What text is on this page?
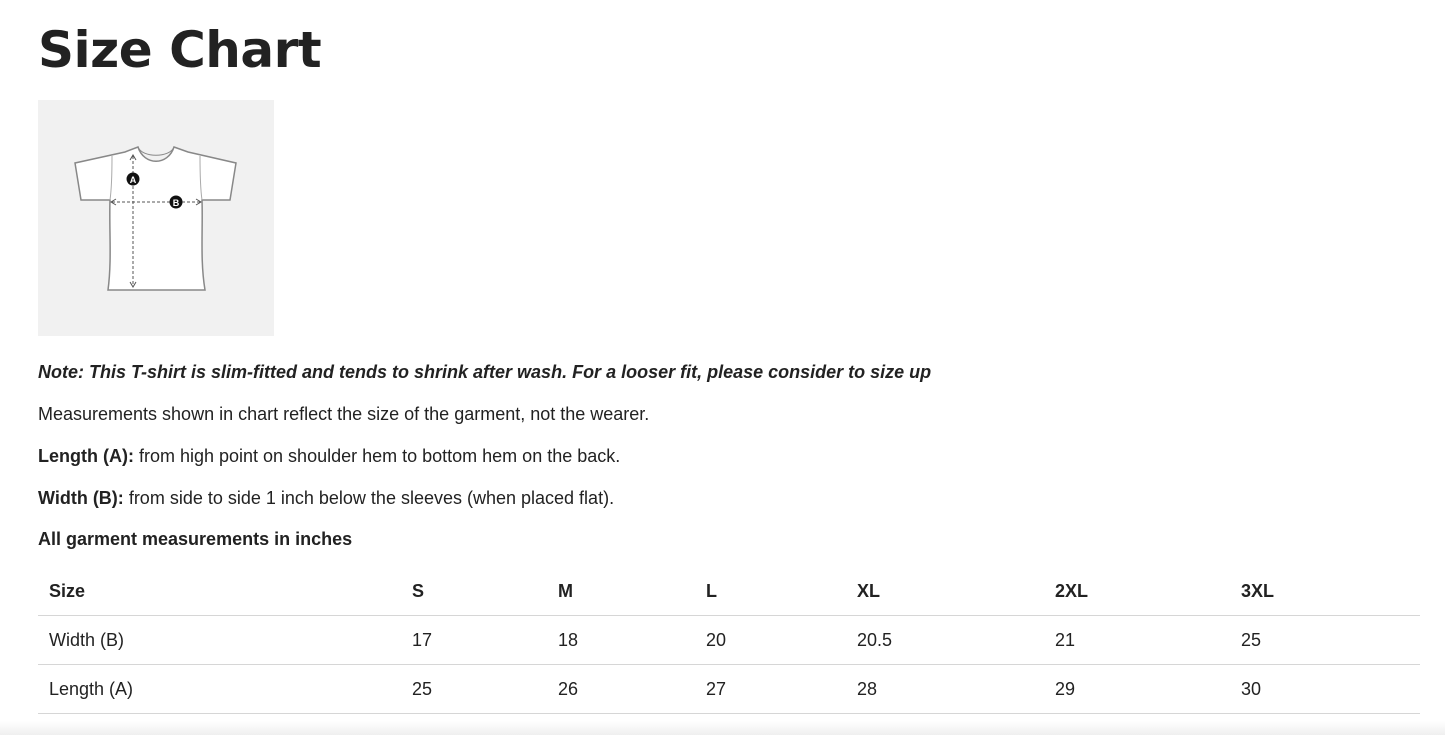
Size Chart
A
B
Note: This T-shirt is slim-fitted and tends to shrink after wash. For a looser fit, please consider to size up
Measurements shown in chart reflect the size of the garment, not the wearer.
Length (A): from high point on shoulder hem to bottom hem on the back.
Width (B): from side to side 1 inch below the sleeves (when placed flat).
All garment measurements in inches
Size	S	M	L	XL	2XL	3XL
Width (B)	17	18	20	20.5	21	25
Length (A)	25	26	27	28	29	30
